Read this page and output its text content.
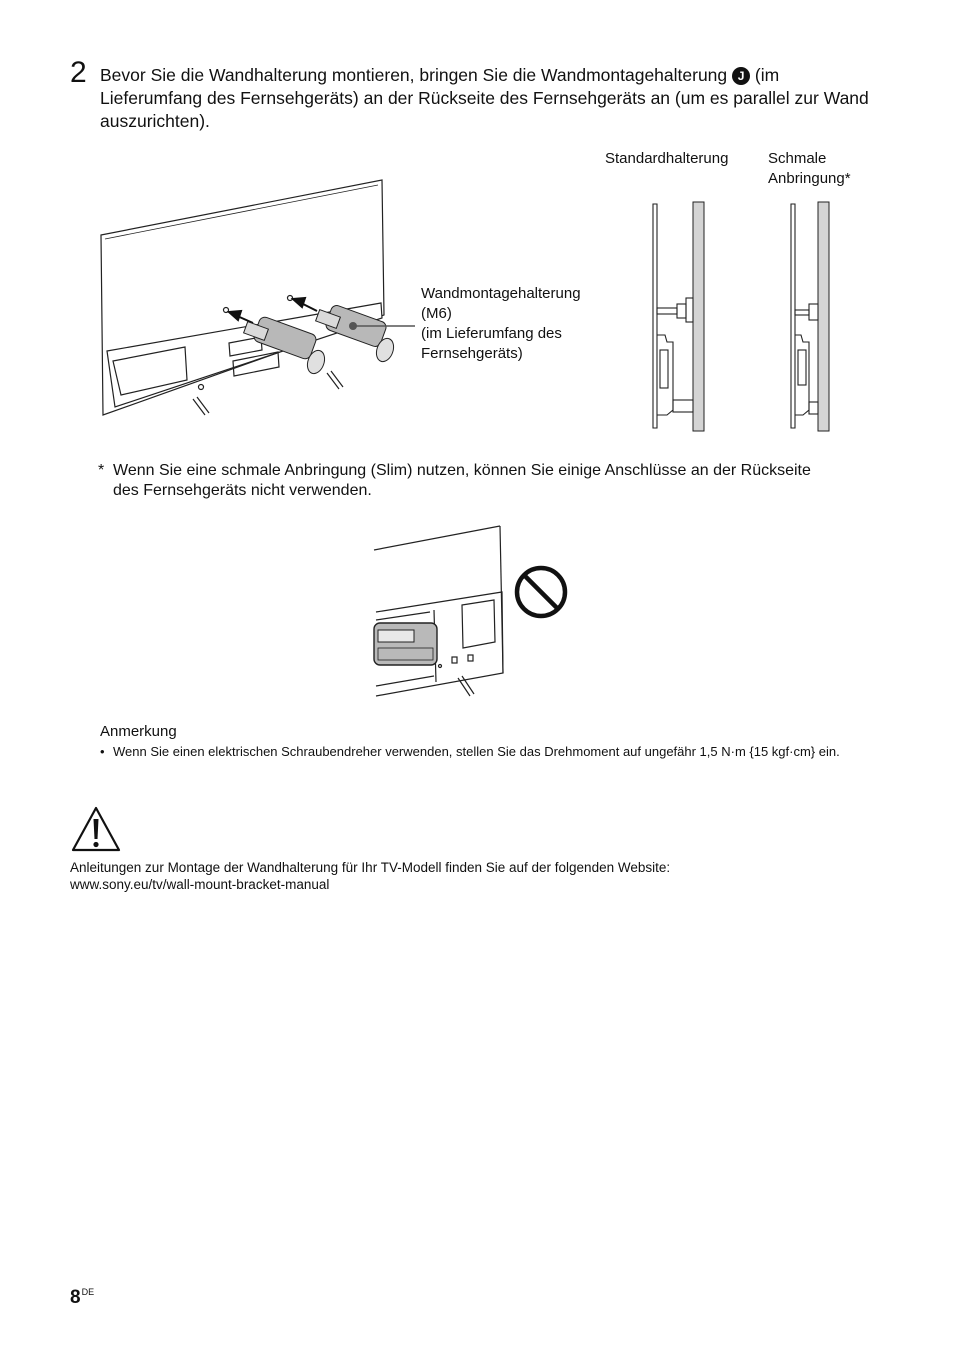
2 Bevor Sie die Wandhalterung montieren, bringen Sie die Wandmontagehalterung J (im Lieferumfang des Fernsehgeräts) an der Rückseite des Fernsehgeräts an (um es parallel zur Wand auszurichten).
Wandmontagehalterung
(M6)
(im Lieferumfang des
Fernsehgeräts)
Standardhalterung	Schmale
Anbringung*
* Wenn Sie eine schmale Anbringung (Slim) nutzen, können Sie einige Anschlüsse an der Rückseite des Fernsehgeräts nicht verwenden.
Anmerkung
• Wenn Sie einen elektrischen Schraubendreher verwenden, stellen Sie das Drehmoment auf ungefähr 1,5 N·m {15 kgf·cm} ein.
Anleitungen zur Montage der Wandhalterung für Ihr TV-Modell finden Sie auf der folgenden Website:
www.sony.eu/tv/wall-mount-bracket-manual
8DE
